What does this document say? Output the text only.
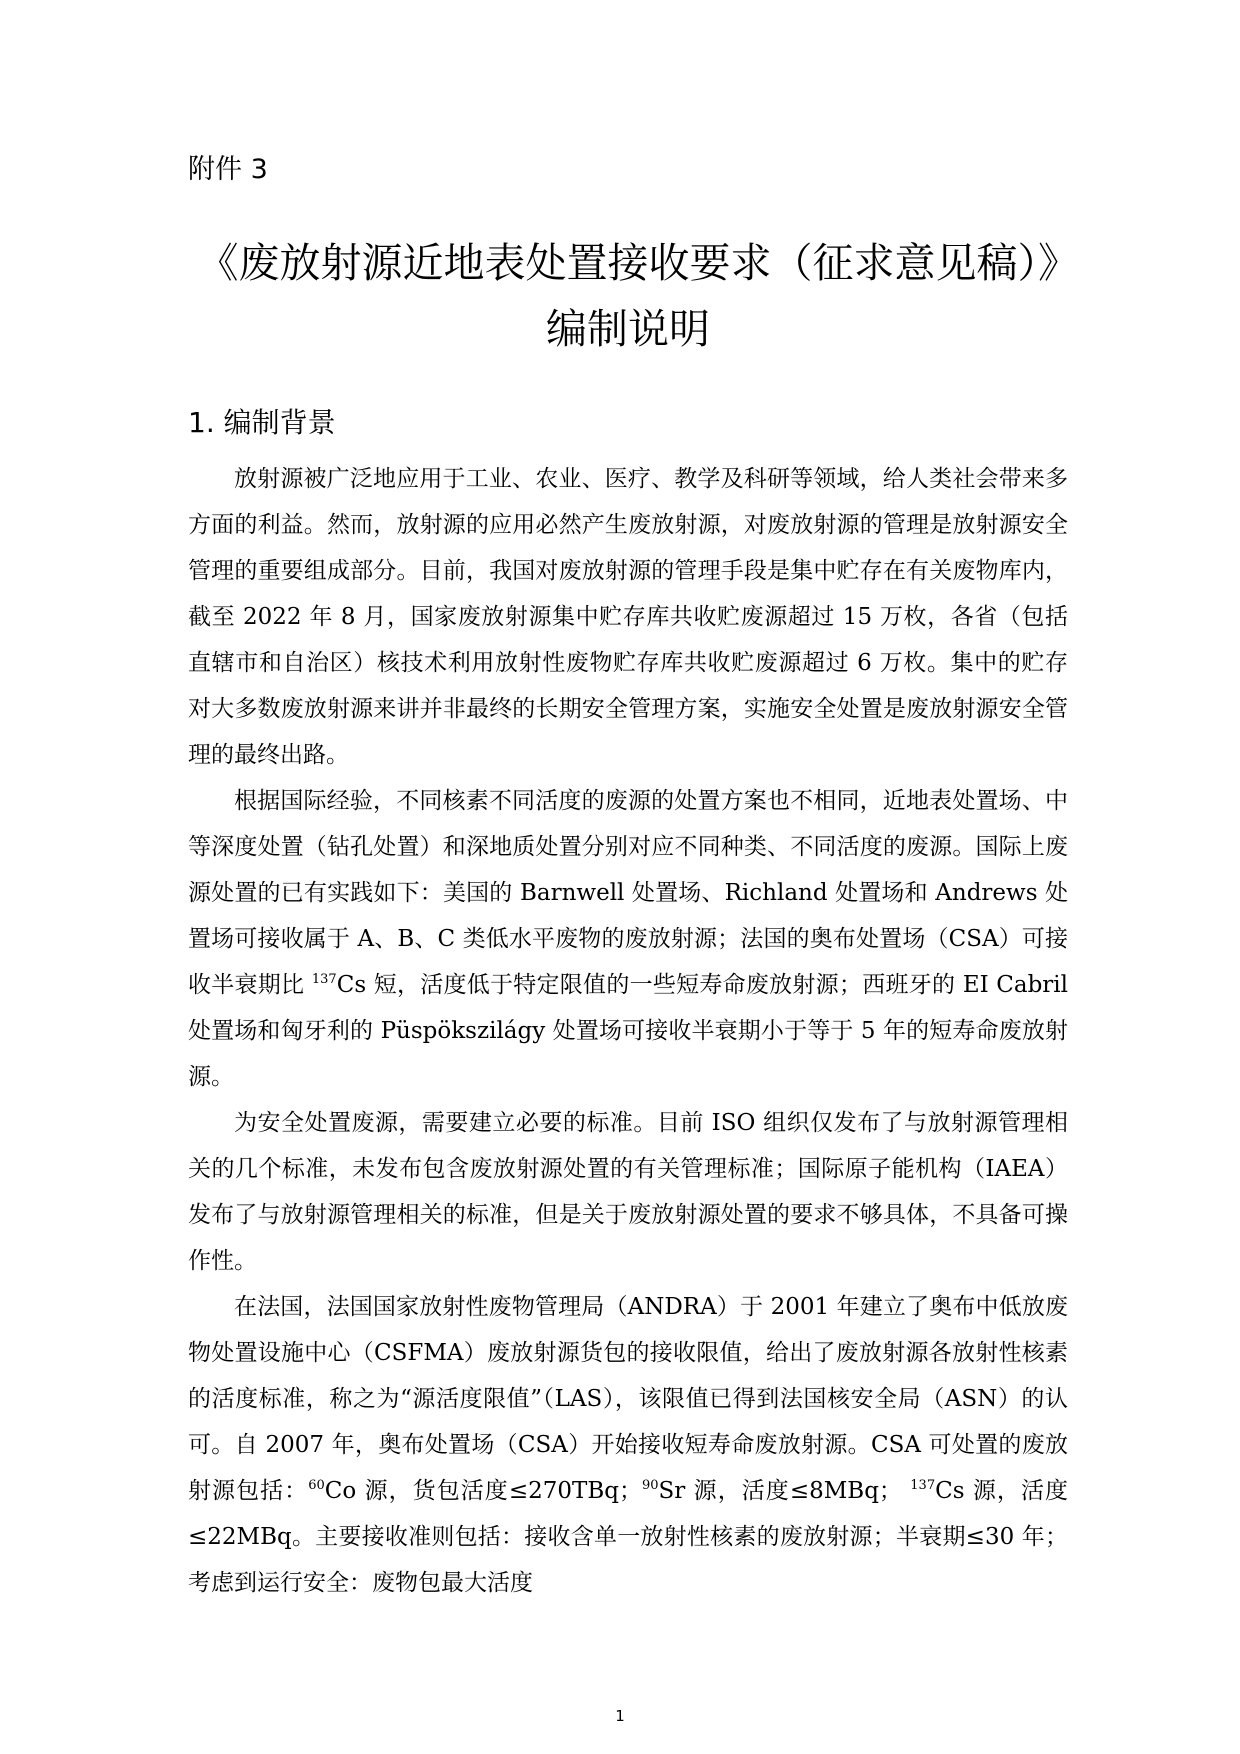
附件 3
《废放射源近地表处置接收要求（征求意见稿）》编制说明
1. 编制背景

放射源被广泛地应用于工业、农业、医疗、教学及科研等领域，给人类社会带来多方面的利益。然而，放射源的应用必然产生废放射源，对废放射源的管理是放射源安全管理的重要组成部分。目前，我国对废放射源的管理手段是集中贮存在有关废物库内，截至 2022 年 8 月，国家废放射源集中贮存库共收贮废源超过 15 万枚，各省（包括直辖市和自治区）核技术利用放射性废物贮存库共收贮废源超过 6 万枚。集中的贮存对大多数废放射源来讲并非最终的长期安全管理方案，实施安全处置是废放射源安全管理的最终出路。

根据国际经验，不同核素不同活度的废源的处置方案也不相同，近地表处置场、中等深度处置（钻孔处置）和深地质处置分别对应不同种类、不同活度的废源。国际上废源处置的已有实践如下：美国的 Barnwell 处置场、Richland 处置场和 Andrews 处置场可接收属于 A、B、C 类低水平废物的废放射源；法国的奥布处置场（CSA）可接收半衰期比 $^{137}$Cs 短，活度低于特定限值的一些短寿命废放射源；西班牙的 EI Cabril 处置场和匈牙利的 Püspökszilágy 处置场可接收半衰期小于等于 5 年的短寿命废放射源。

为安全处置废源，需要建立必要的标准。目前 ISO 组织仅发布了与放射源管理相关的几个标准，未发布包含废放射源处置的有关管理标准；国际原子能机构（IAEA）发布了与放射源管理相关的标准，但是关于废放射源处置的要求不够具体，不具备可操作性。

在法国，法国国家放射性废物管理局（ANDRA）于 2001 年建立了奥布中低放废物处置设施中心（CSFMA）废放射源货包的接收限值，给出了废放射源各放射性核素的活度标准，称之为“源活度限值”（LAS），该限值已得到法国核安全局（ASN）的认可。自 2007 年，奥布处置场（CSA）开始接收短寿命废放射源。CSA 可处置的废放射源包括：$^{60}$Co 源，货包活度≤270TBq；$^{90}$Sr 源，活度≤8MBq； $^{137}$Cs 源，活度≤22MBq。主要接收准则包括：接收含单一放射性核素的废放射源；半衰期≤30 年；考虑到运行安全：废物包最大活度

1
